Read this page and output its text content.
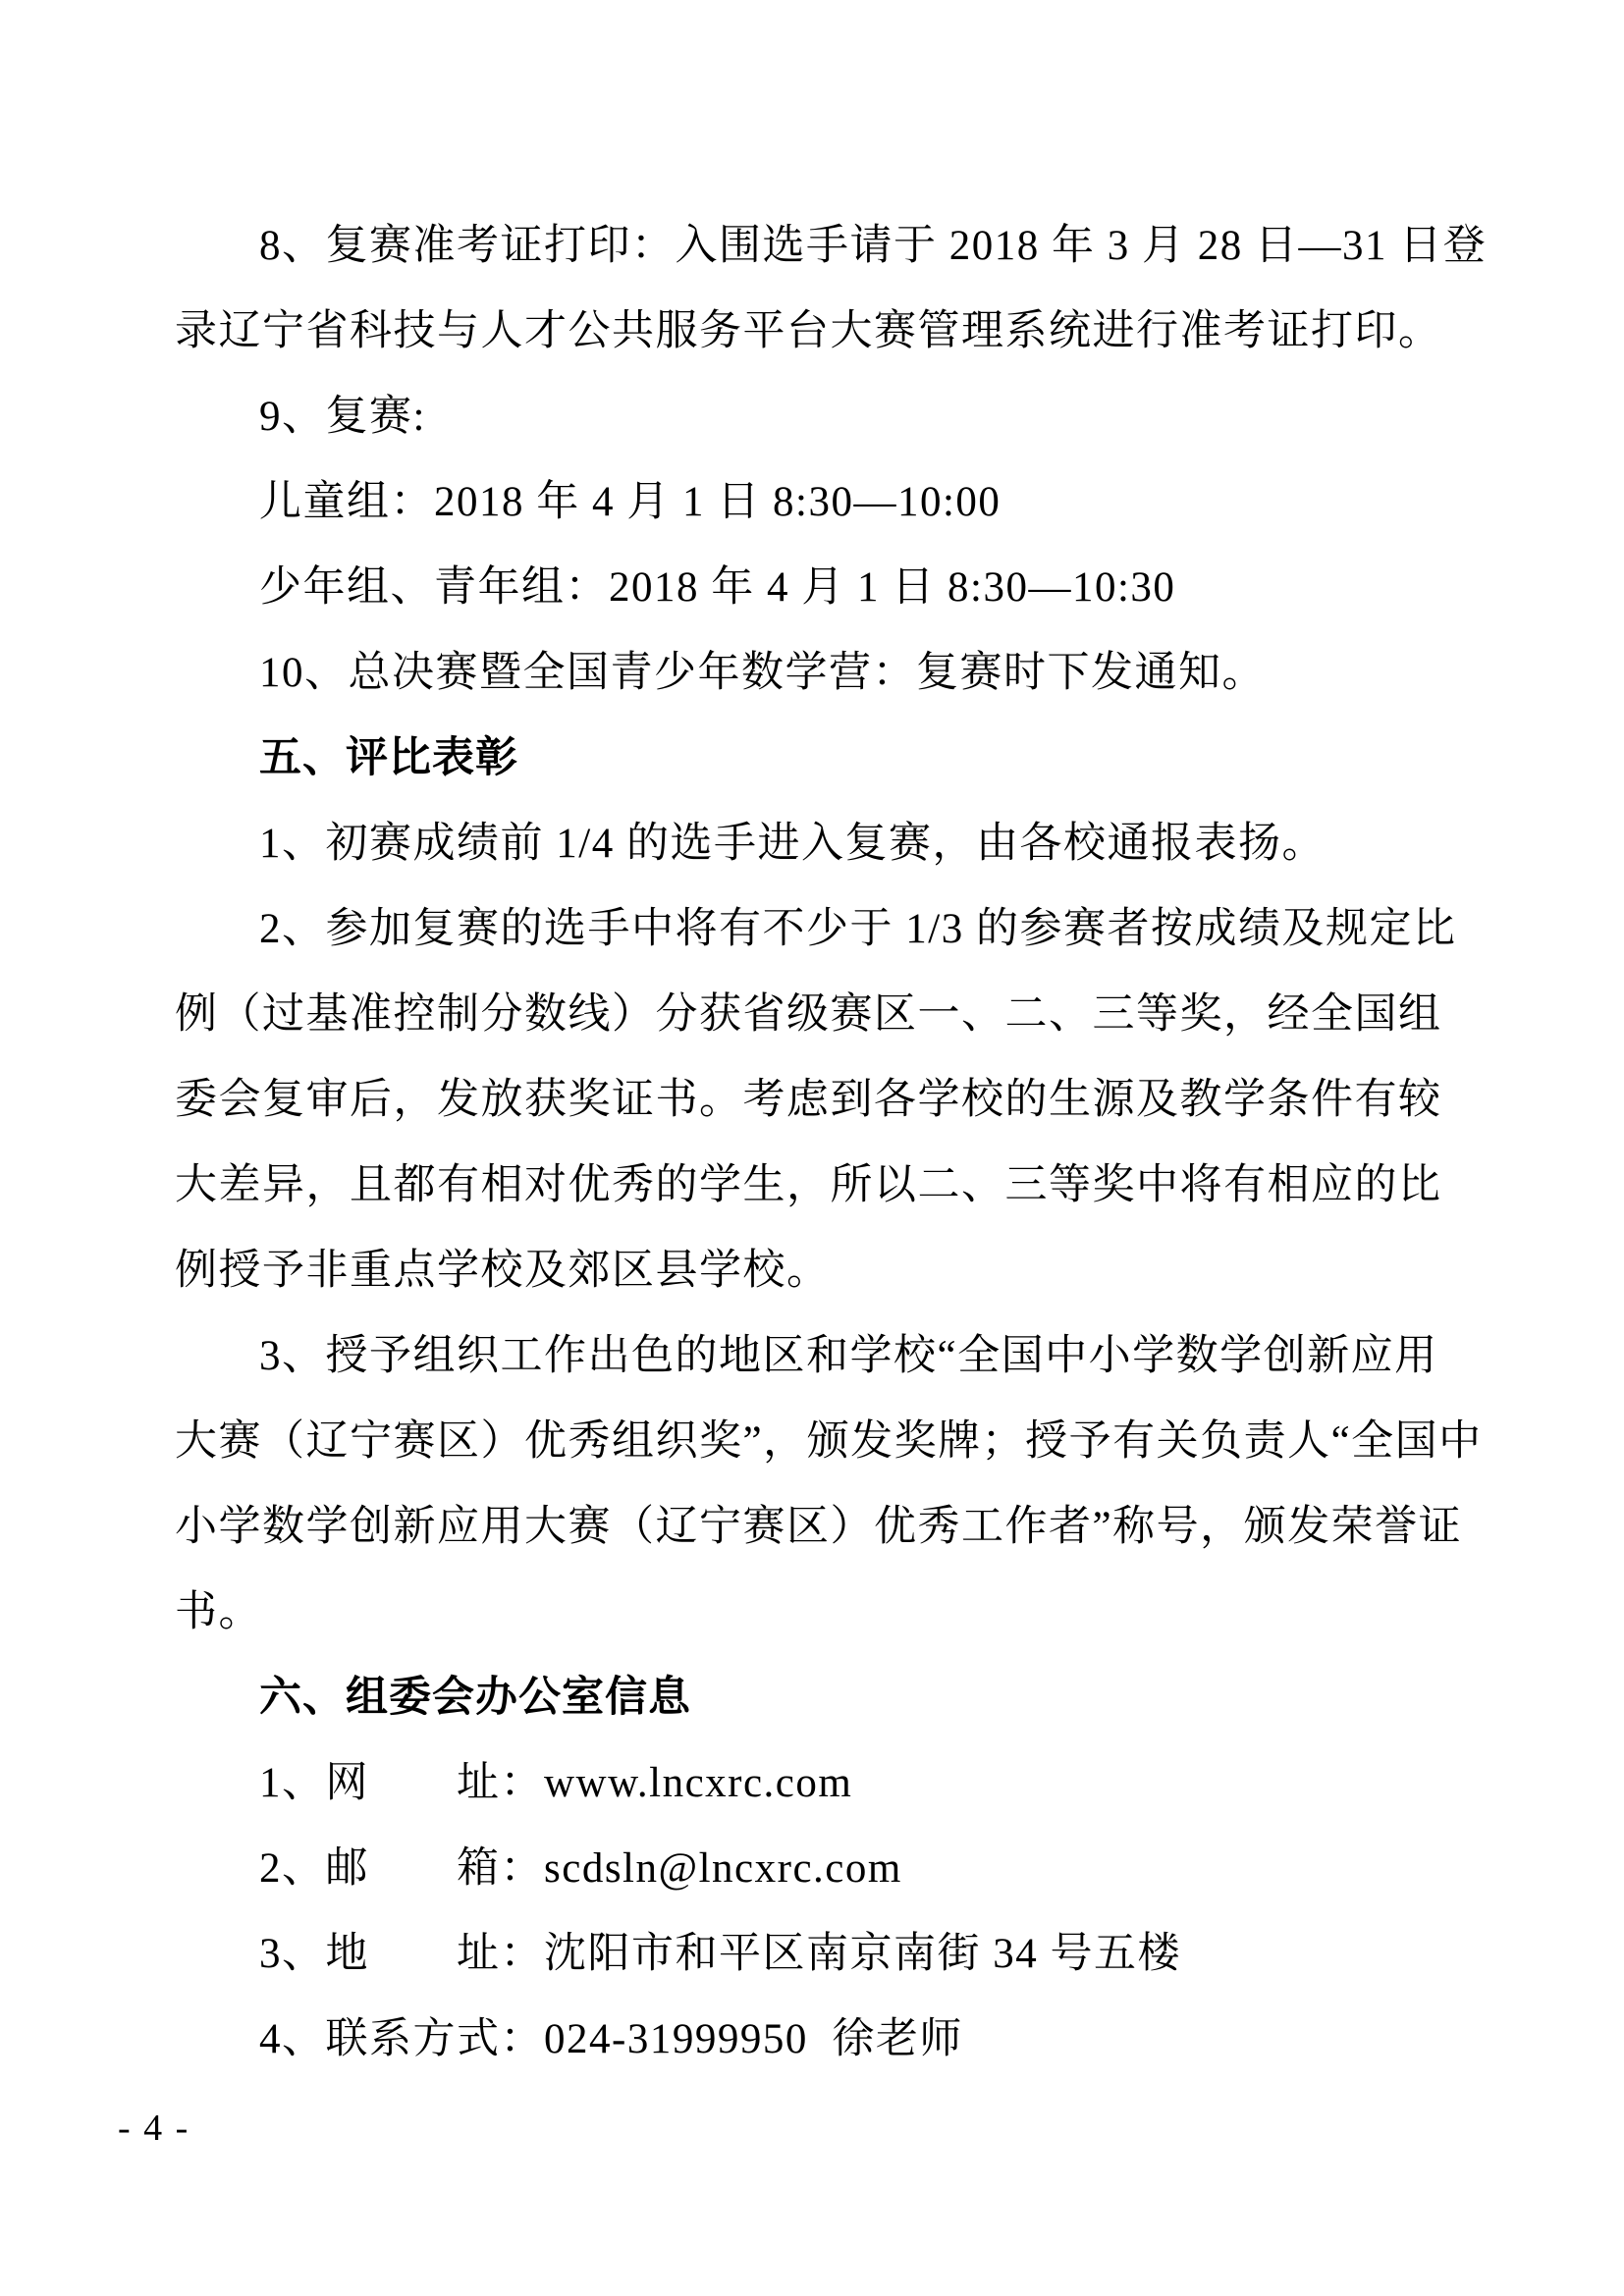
8、复赛准考证打印：入围选手请于 2018 年 3 月 28 日—31 日登
录辽宁省科技与人才公共服务平台大赛管理系统进行准考证打印。
9、复赛:
儿童组：2018 年 4 月 1 日 8:30—10:00
少年组、青年组：2018 年 4 月 1 日 8:30—10:30
10、总决赛暨全国青少年数学营：复赛时下发通知。
五、评比表彰
1、初赛成绩前 1/4 的选手进入复赛，由各校通报表扬。
2、参加复赛的选手中将有不少于 1/3 的参赛者按成绩及规定比
例（过基准控制分数线）分获省级赛区一、二、三等奖，经全国组
委会复审后，发放获奖证书。考虑到各学校的生源及教学条件有较
大差异，且都有相对优秀的学生，所以二、三等奖中将有相应的比
例授予非重点学校及郊区县学校。
3、授予组织工作出色的地区和学校“全国中小学数学创新应用
大赛（辽宁赛区）优秀组织奖”，颁发奖牌；授予有关负责人“全国中
小学数学创新应用大赛（辽宁赛区）优秀工作者”称号，颁发荣誉证
书。
六、组委会办公室信息
1、网　　址：www.lncxrc.com
2、邮　　箱：scdsln@lncxrc.com
3、地　　址：沈阳市和平区南京南街 34 号五楼
4、联系方式：024-31999950  徐老师
- 4 -
